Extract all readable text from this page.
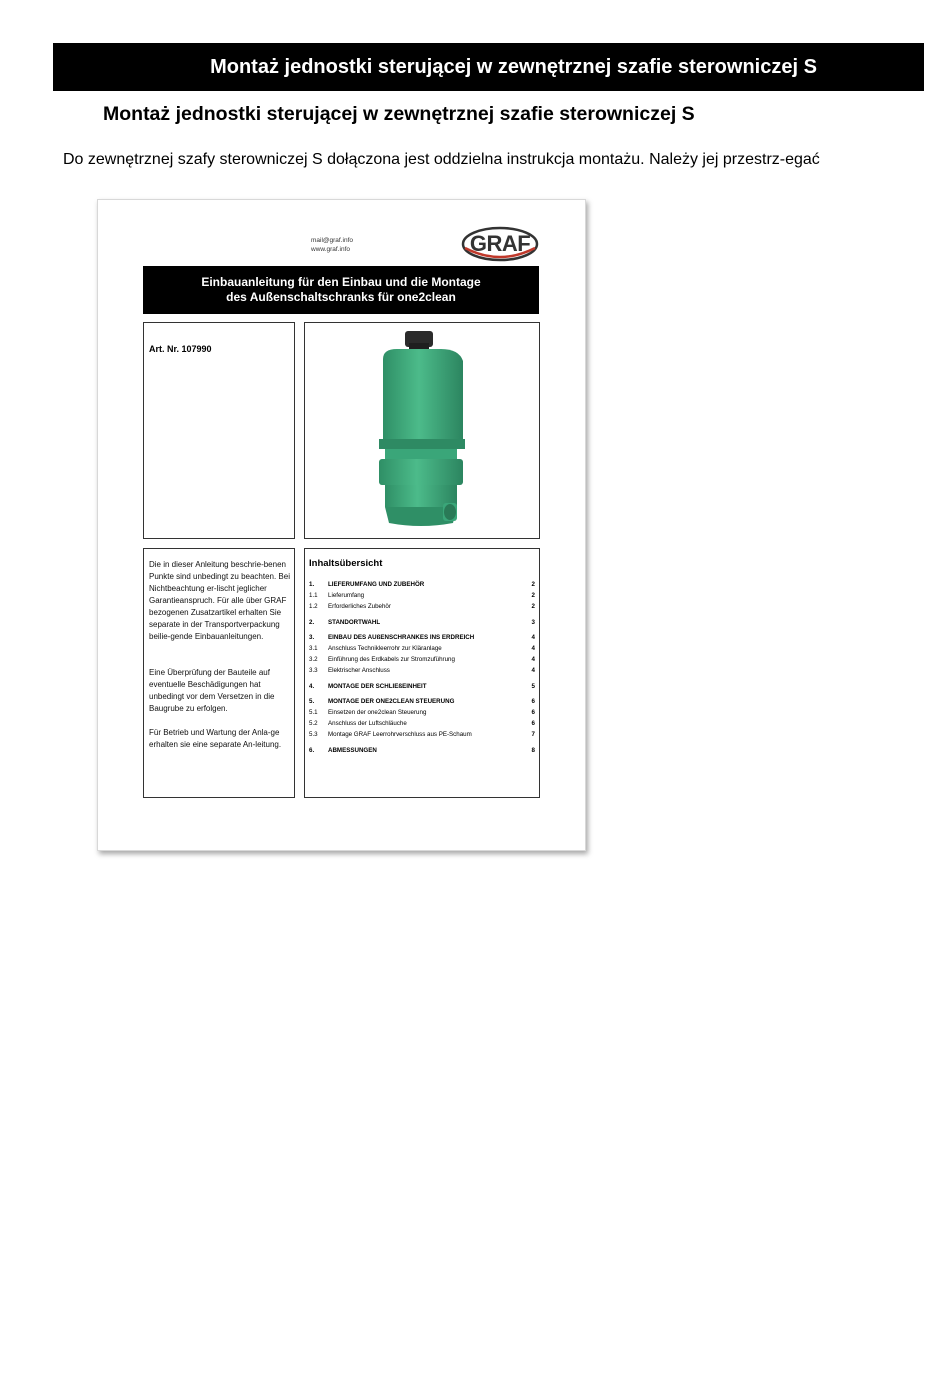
Montaż jednostki sterującej w zewnętrznej szafie sterowniczej S
Montaż jednostki sterującej w zewnętrznej szafie sterowniczej S
Do zewnętrznej szafy sterowniczej S dołączona jest oddzielna instrukcja montażu. Należy jej przestrz-egać
mail@graf.info
www.graf.info	GRAF
Einbauanleitung für den Einbau und die Montage
des Außenschaltschranks für one2clean
Art. Nr. 107990
Die in dieser Anleitung beschrie-benen Punkte sind unbedingt zu beachten. Bei Nichtbeachtung er-lischt jeglicher Garantieanspruch. Für alle über GRAF bezogenen Zusatzartikel erhalten Sie separate in der Transportverpackung beilie-gende Einbauanleitungen.
Eine Überprüfung der Bauteile auf eventuelle Beschädigungen hat unbedingt vor dem Versetzen in die Baugrube zu erfolgen.
Für Betrieb und Wartung der Anla-ge erhalten sie eine separate An-leitung.
Inhaltsübersicht
1.	LIEFERUMFANG UND ZUBEHÖR	2
1.1	Lieferumfang	2
1.2	Erforderliches Zubehör	2
2.	STANDORTWAHL	3
3.	EINBAU DES AUßENSCHRANKES INS ERDREICH	4
3.1	Anschluss Technikleerrohr zur Kläranlage	4
3.2	Einführung des Erdkabels zur Stromzuführung	4
3.3	Elektrischer Anschluss	4
4.	MONTAGE DER SCHLIEßEINHEIT	5
5.	MONTAGE DER ONE2CLEAN STEUERUNG	6
5.1	Einsetzen der one2clean Steuerung	6
5.2	Anschluss der Luftschläuche	6
5.3	Montage GRAF Leerrohrverschluss aus PE-Schaum	7
6.	ABMESSUNGEN	8
